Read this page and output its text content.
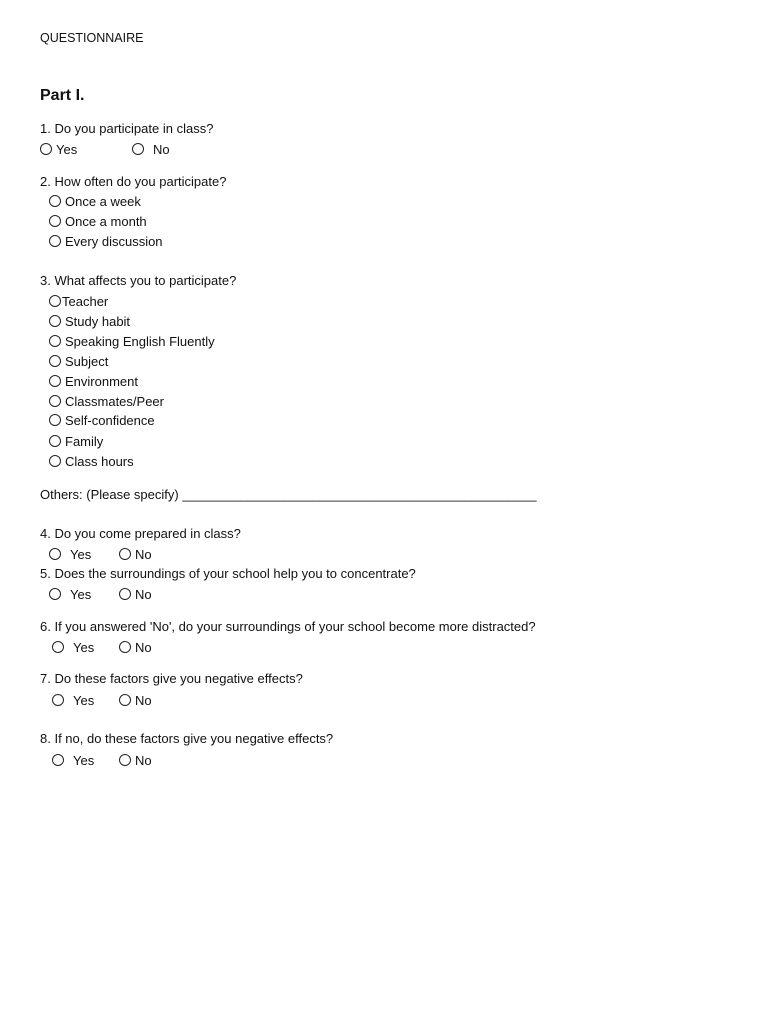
QUESTIONNAIRE
Part I.
1. Do you participate in class?
Yes	No
2. How often do you participate?
Once a week
Once a month
Every discussion
3. What affects you to participate?
Teacher
Study habit
Speaking English Fluently
Subject
Environment
Classmates/Peer
Self-confidence
Family
Class hours
Others: (Please specify) _________________________________________________
4. Do you come prepared in class?
Yes	No
5. Does the surroundings of your school help you to concentrate?
Yes	No
6. If you answered 'No', do your surroundings of your school become more distracted?
Yes	No
7. Do these factors give you negative effects?
Yes	No
8. If no, do these factors give you negative effects?
Yes	No
